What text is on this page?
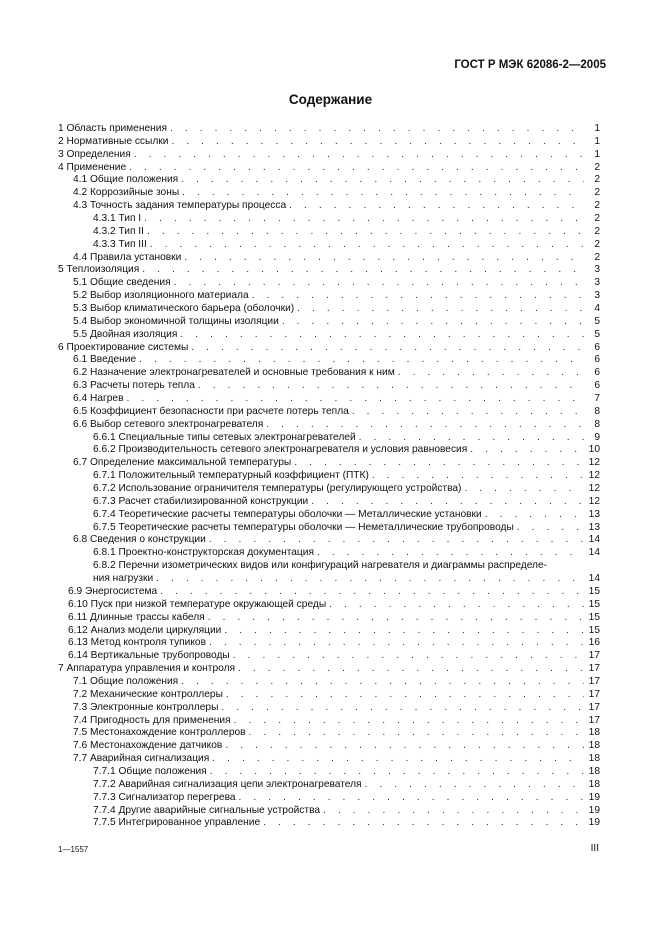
ГОСТ Р МЭК 62086-2—2005
Содержание
1 Область применения . . .	1
2 Нормативные ссылки . . .	1
3 Определения . . .	1
4 Применение . . .	2
4.1 Общие положения . . .	2
4.2 Коррозийные зоны . . .	2
4.3 Точность задания температуры процесса . . .	2
4.3.1 Тип I . . .	2
4.3.2 Тип II . . .	2
4.3.3 Тип III . . .	2
4.4 Правила установки . . .	2
5 Теплоизоляция . . .	3
5.1 Общие сведения . . .	3
5.2 Выбор изоляционного материала . . .	3
5.3 Выбор климатического барьера (оболочки) . . .	4
5.4 Выбор экономичной толщины изоляции . . .	5
5.5 Двойная изоляция . . .	5
6 Проектирование системы . . .	6
6.1 Введение . . .	6
6.2 Назначение электронагревателей и основные требования к ним . . .	6
6.3 Расчеты потерь тепла . . .	6
6.4 Нагрев . . .	7
6.5 Коэффициент безопасности при расчете потерь тепла . . .	8
6.6 Выбор сетевого электронагревателя . . .	8
6.6.1 Специальные типы сетевых электронагревателей . . .	9
6.6.2 Производительность сетевого электронагревателя и условия равновесия . . .	10
6.7 Определение максимальной температуры . . .	12
6.7.1 Положительный температурный коэффициент (ПТК) . . .	12
6.7.2 Использование ограничителя температуры (регулирующего устройства) . . .	12
6.7.3 Расчет стабилизированной конструкции . . .	12
6.7.4 Теоретические расчеты температуры оболочки — Металлические установки . . .	13
6.7.5 Теоретические расчеты температуры оболочки — Неметаллические трубопроводы . . .	13
6.8 Сведения о конструкции . . .	14
6.8.1 Проектно-конструкторская документация . . .	14
6.8.2 Перечни изометрических видов или конфигураций нагревателя и диаграммы распределе-
ния нагрузки . . .	14
6.9 Энергосистема . . .	15
6.10 Пуск при низкой температуре окружающей среды . . .	15
6.11 Длинные трассы кабеля . . .	15
6.12 Анализ модели циркуляции . . .	15
6.13 Метод контроля тупиков . . .	16
6.14 Вертикальные трубопроводы . . .	17
7 Аппаратура управления и контроля . . .	17
7.1 Общие положения . . .	17
7.2 Механические контроллеры . . .	17
7.3 Электронные контроллеры . . .	17
7.4 Пригодность для применения . . .	17
7.5 Местонахождение контроллеров . . .	18
7.6 Местонахождение датчиков . . .	18
7.7 Аварийная сигнализация . . .	18
7.7.1 Общие положения . . .	18
7.7.2 Аварийная сигнализация цепи электронагревателя . . .	18
7.7.3 Сигнализатор перегрева . . .	19
7.7.4 Другие аварийные сигнальные устройства . . .	19
7.7.5 Интегрированное управление . . .	19
1—1557	III
